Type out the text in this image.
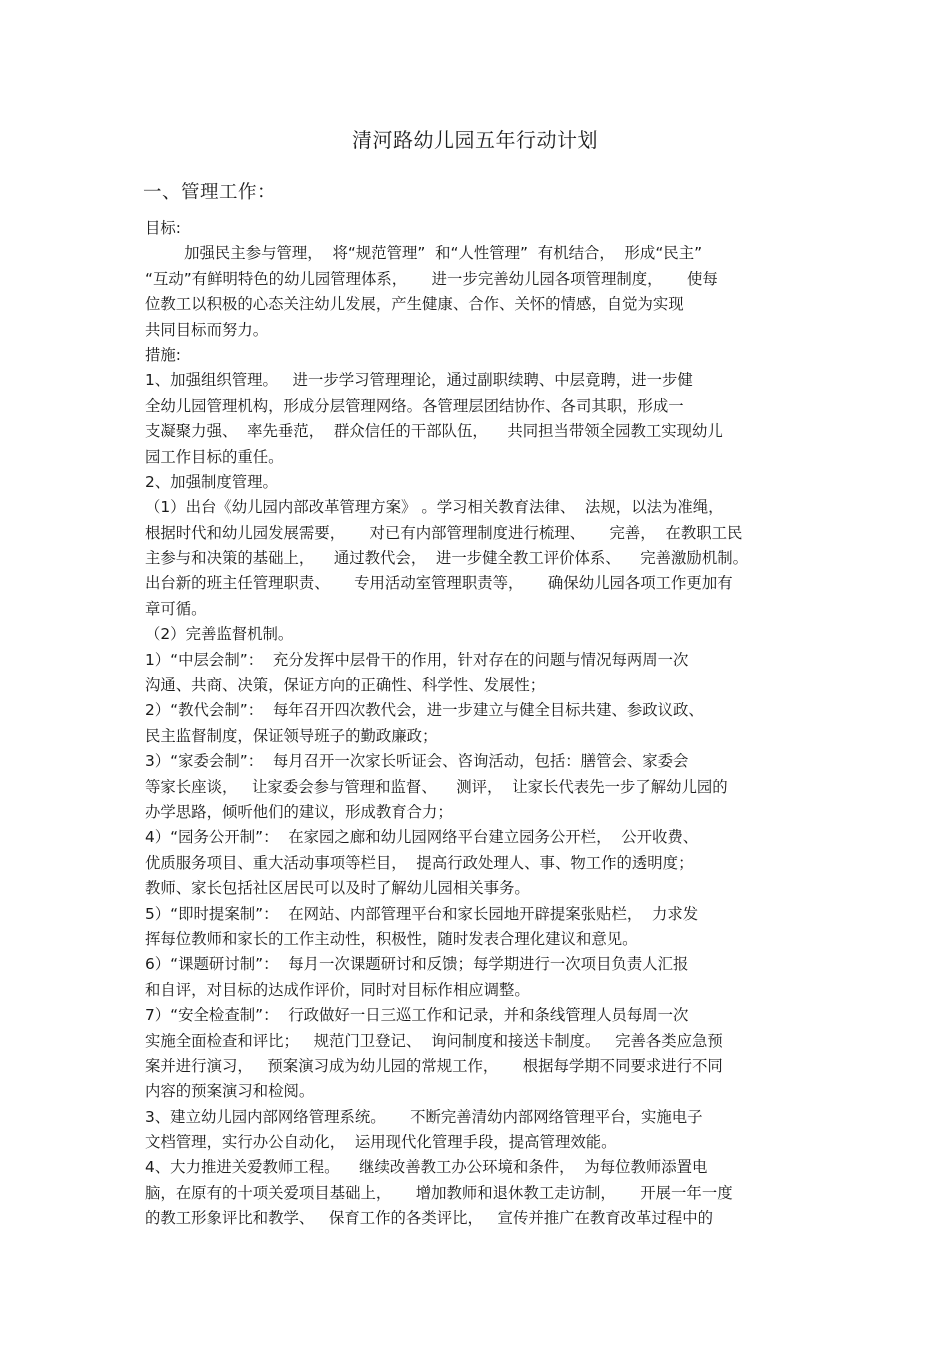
清河路幼儿园五年行动计划
一、管理工作：
目标:
加强民主参与管理，  将“规范管理”  和“人性管理”  有机结合，  形成“民主”
“互动”有鲜明特色的幼儿园管理体系，     进一步完善幼儿园各项管理制度，     使每
位教工以积极的心态关注幼儿发展，产生健康、合作、关怀的情感，自觉为实现
共同目标而努力。
措施:
1、加强组织管理。   进一步学习管理理论，通过副职续聘、中层竟聘，进一步健
全幼儿园管理机构，形成分层管理网络。各管理层团结协作、各司其职，形成一
支凝聚力强、  率先垂范，  群众信任的干部队伍，    共同担当带领全园教工实现幼儿
园工作目标的重任。
2、加强制度管理。
（1）出台《幼儿园内部改革管理方案》 。学习相关教育法律、  法规，以法为准绳，
根据时代和幼儿园发展需要，     对已有内部管理制度进行梳理、     完善，  在教职工民
主参与和决策的基础上，    通过教代会，  进一步健全教工评价体系、    完善激励机制。
出台新的班主任管理职责、     专用活动室管理职责等，     确保幼儿园各项工作更加有
章可循。
（2）完善监督机制。
1）“中层会制”：  充分发挥中层骨干的作用，针对存在的问题与情况每两周一次
沟通、共商、决策，保证方向的正确性、科学性、发展性；
2）“教代会制”：  每年召开四次教代会，进一步建立与健全目标共建、参政议政、
民主监督制度，保证领导班子的勤政廉政；
3）“家委会制”：  每月召开一次家长听证会、咨询活动，包括：膳管会、家委会
等家长座谈，   让家委会参与管理和监督、    测评，  让家长代表先一步了解幼儿园的
办学思路，倾听他们的建议，形成教育合力；
4）“园务公开制”：  在家园之廊和幼儿园网络平台建立园务公开栏，  公开收费、
优质服务项目、重大活动事项等栏目，  提高行政处理人、事、物工作的透明度；
教师、家长包括社区居民可以及时了解幼儿园相关事务。
5）“即时提案制”：  在网站、内部管理平台和家长园地开辟提案张贴栏，  力求发
挥每位教师和家长的工作主动性，积极性，随时发表合理化建议和意见。
6）“课题研讨制”：  每月一次课题研讨和反馈；每学期进行一次项目负责人汇报
和自评，对目标的达成作评价，同时对目标作相应调整。
7）“安全检查制”：  行政做好一日三巡工作和记录，并和条线管理人员每周一次
实施全面检查和评比；   规范门卫登记、  询问制度和接送卡制度。   完善各类应急预
案并进行演习，   预案演习成为幼儿园的常规工作，     根据每学期不同要求进行不同
内容的预案演习和检阅。
3、建立幼儿园内部网络管理系统。     不断完善清幼内部网络管理平台，实施电子
文档管理，实行办公自动化，  运用现代化管理手段，提高管理效能。
4、大力推进关爱教师工程。    继续改善教工办公环境和条件，  为每位教师添置电
脑，在原有的十项关爱项目基础上，     增加教师和退休教工走访制，     开展一年一度
的教工形象评比和教学、   保育工作的各类评比，   宣传并推广在教育改革过程中的
